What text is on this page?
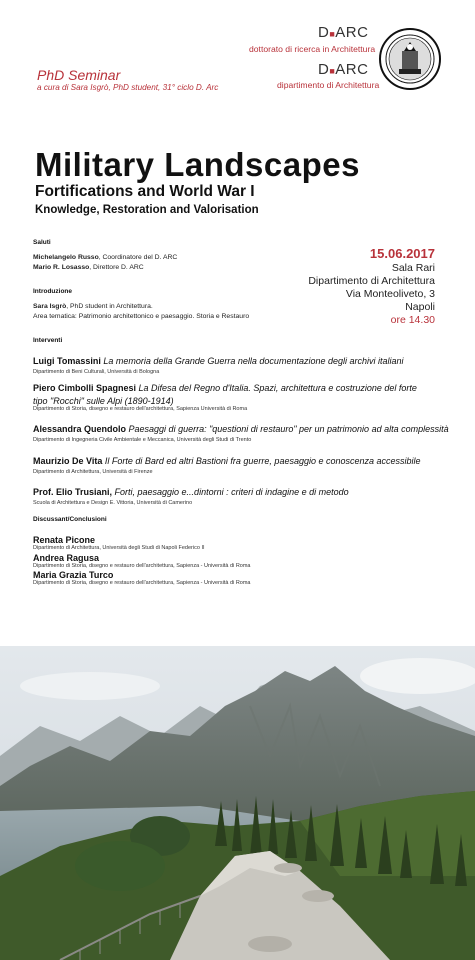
D■ARC
dottorato di ricerca in Architettura
D■ARC
dipartimento di Architettura
PhD Seminar
a cura di Sara Isgrò, PhD student, 31° ciclo D. Arc
Military Landscapes
Fortifications and World War I
Knowledge, Restoration and Valorisation
15.06.2017
Sala Rari
Dipartimento di Architettura
Via Monteoliveto, 3
Napoli
ore 14.30
Saluti
Michelangelo Russo, Coordinatore del D. ARC
Mario R. Losasso, Direttore D. ARC
Introduzione
Sara Isgrò, PhD student in Architettura.
Area tematica: Patrimonio architettonico e paesaggio. Storia e Restauro
Interventi
Luigi Tomassini La memoria della Grande Guerra nella documentazione degli archivi italiani
Dipartimento di Beni Culturali, Università di Bologna
Piero Cimbolli Spagnesi La Difesa del Regno d'Italia. Spazi, architettura e costruzione del forte
tipo "Rocchi" sulle Alpi (1890-1914)
Dipartimento di Storia, disegno e restauro dell'architettura, Sapienza Università di Roma
Alessandra Quendolo Paesaggi di guerra: "questioni di restauro" per un patrimonio ad alta complessità
Dipartimento di Ingegneria Civile Ambientale e Meccanica, Università degli Studi di Trento
Maurizio De Vita Il Forte di Bard ed altri Bastioni fra guerre, paesaggio e conoscenza accessibile
Dipartimento di Architettura, Università di Firenze
Prof. Elio Trusiani, Forti, paesaggio e...dintorni : criteri di indagine e di metodo
Scuola di Architettura e Design E. Vittoria, Università di Camerino
Discussant/Conclusioni
Renata Picone
Dipartimento di Architettura, Università degli Studi di Napoli Federico II
Andrea Ragusa
Dipartimento di Storia, disegno e restauro dell'architettura, Sapienza - Università di Roma
Maria Grazia Turco
Dipartimento di Storia, disegno e restauro dell'architettura, Sapienza - Università di Roma
